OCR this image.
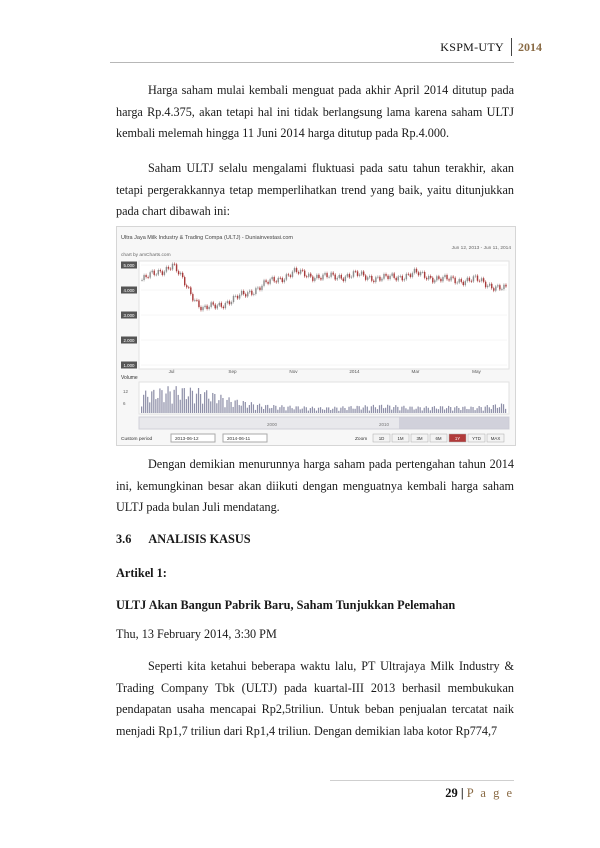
KSPM-UTY 2014

Harga saham mulai kembali menguat pada akhir April 2014 ditutup pada harga Rp.4.375, akan tetapi hal ini tidak berlangsung lama karena saham ULTJ kembali melemah hingga 11 Juni 2014 harga ditutup pada Rp.4.000.

Saham ULTJ selalu mengalami fluktuasi pada satu tahun terakhir, akan tetapi pergerakkannya tetap memperlihatkan trend yang baik, yaitu ditunjukkan pada chart dibawah ini:

Ultra Jaya Milk Industry & Trading Compa (ULTJ) - Duniainvestasi.com
chart by amCharts.com
Jun 12, 2013 - Jun 11, 2014
5.000
4.000
3.000
2.000
1.000
Jul	Sep	Nov	2014	Mar	May
Volume
12
6
2000	2010
Custom period	2013-06-12	2014-06-11	Zoom	1D	1M	3M	6M	1Y	YTD MAX

Dengan demikian menurunnya harga saham pada pertengahan tahun 2014 ini, kemungkinan besar akan diikuti dengan menguatnya kembali harga saham ULTJ pada bulan Juli mendatang.

3.6 ANALISIS KASUS
Artikel 1:
ULTJ Akan Bangun Pabrik Baru, Saham Tunjukkan Pelemahan
Thu, 13 February 2014, 3:30 PM

Seperti kita ketahui beberapa waktu lalu, PT Ultrajaya Milk Industry & Trading Company Tbk (ULTJ) pada kuartal-III 2013 berhasil membukukan pendapatan usaha mencapai Rp2,5triliun. Untuk beban penjualan tercatat naik menjadi Rp1,7 triliun dari Rp1,4 triliun. Dengan demikian laba kotor Rp774,7

29 | P a g e
